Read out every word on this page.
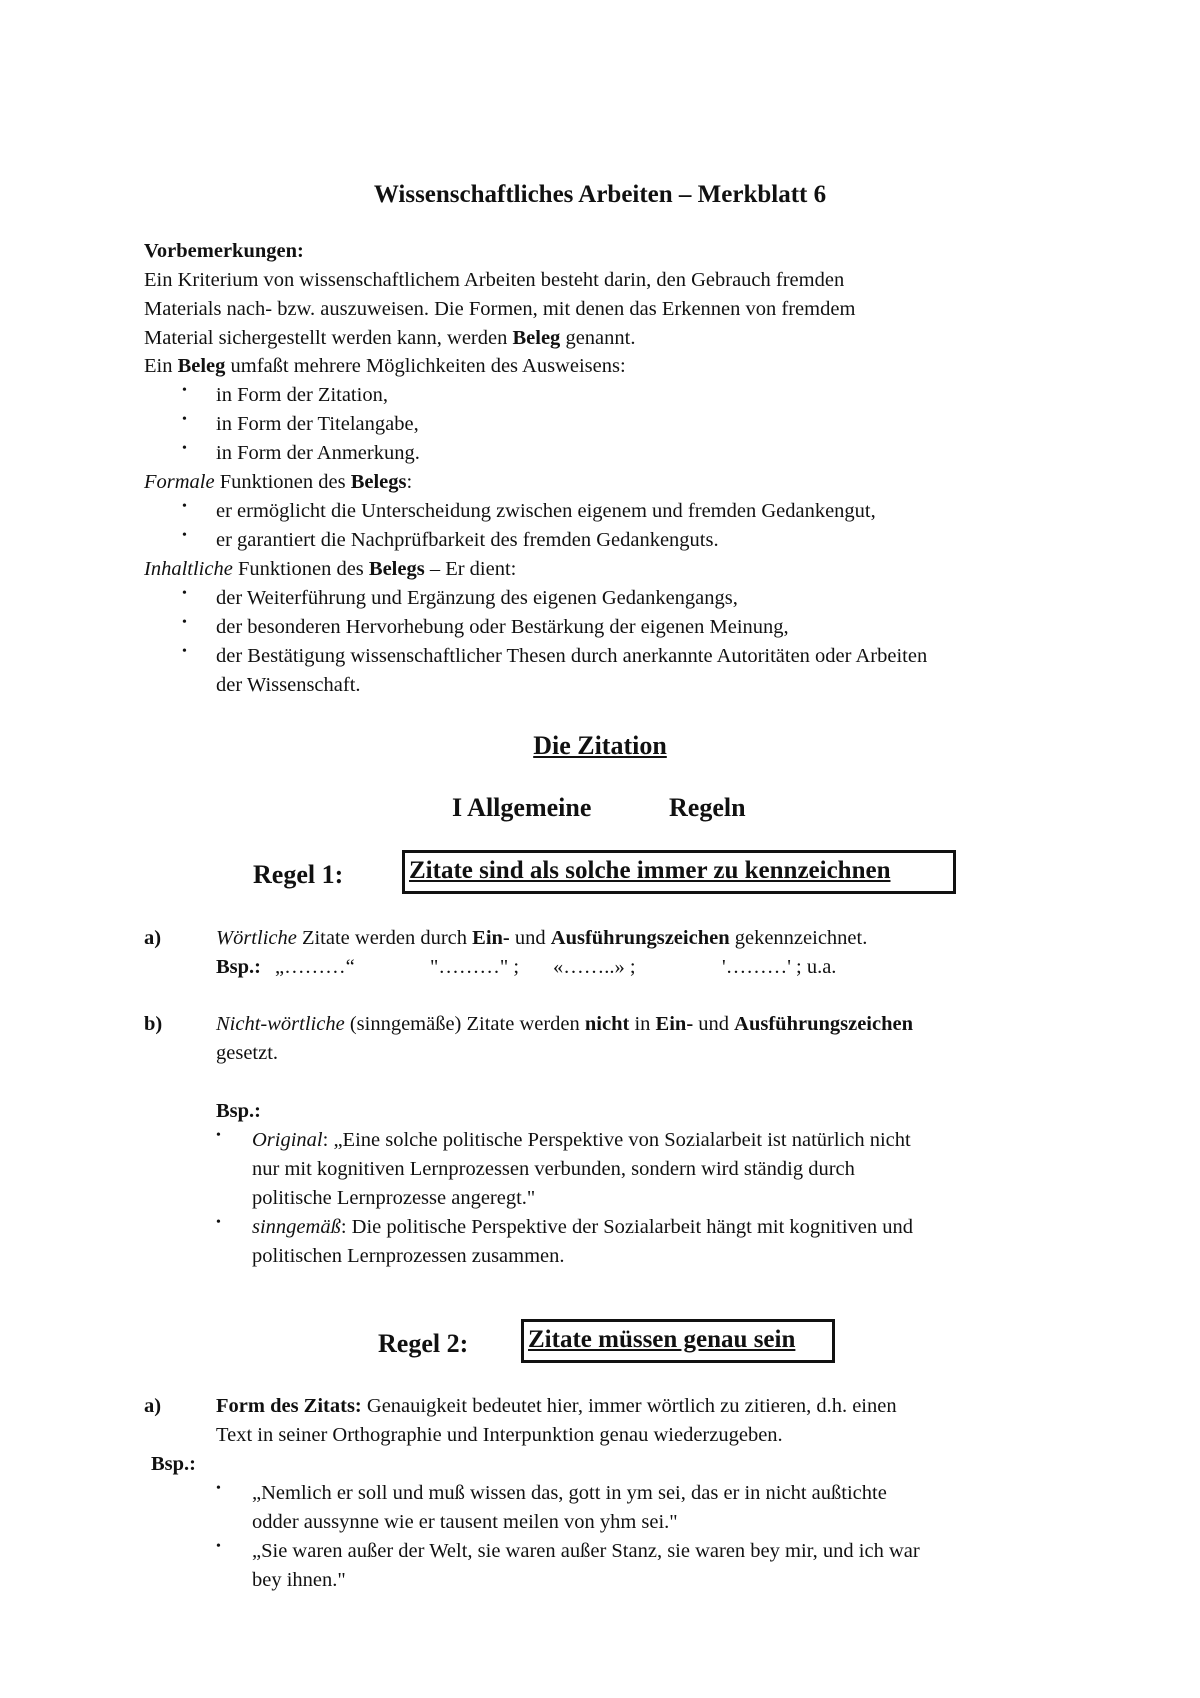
Wissenschaftliches Arbeiten – Merkblatt 6
Vorbemerkungen:
Ein Kriterium von wissenschaftlichem Arbeiten besteht darin, den Gebrauch fremden
Materials nach- bzw. auszuweisen. Die Formen, mit denen das Erkennen von fremdem
Material sichergestellt werden kann, werden Beleg genannt.
Ein Beleg umfaßt mehrere Möglichkeiten des Ausweisens:
• in Form der Zitation,
• in Form der Titelangabe,
• in Form der Anmerkung.
Formale Funktionen des Belegs:
• er ermöglicht die Unterscheidung zwischen eigenem und fremden Gedankengut,
• er garantiert die Nachprüfbarkeit des fremden Gedankenguts.
Inhaltliche Funktionen des Belegs – Er dient:
• der Weiterführung und Ergänzung des eigenen Gedankengangs,
• der besonderen Hervorhebung oder Bestärkung der eigenen Meinung,
• der Bestätigung wissenschaftlicher Thesen durch anerkannte Autoritäten oder Arbeiten
der Wissenschaft.
Die Zitation
I Allgemeine	Regeln
Regel 1:	Zitate sind als solche immer zu kennzeichnen
a)	Wörtliche Zitate werden durch Ein- und Ausführungszeichen gekennzeichnet.
Bsp.: „………“	"………" ; «……..» ;	'………' ; u.a.
b)	Nicht-wörtliche (sinngemäße) Zitate werden nicht in Ein- und Ausführungszeichen
gesetzt.
Bsp.:
• Original: „Eine solche politische Perspektive von Sozialarbeit ist natürlich nicht
nur mit kognitiven Lernprozessen verbunden, sondern wird ständig durch
politische Lernprozesse angeregt."
• sinngemäß: Die politische Perspektive der Sozialarbeit hängt mit kognitiven und
politischen Lernprozessen zusammen.
Regel 2: Zitate müssen genau sein
a)	Form des Zitats: Genauigkeit bedeutet hier, immer wörtlich zu zitieren, d.h. einen
Text in seiner Orthographie und Interpunktion genau wiederzugeben.
Bsp.:
• „Nemlich er soll und muß wissen das, gott in ym sei, das er in nicht außtichte
odder aussynne wie er tausent meilen von yhm sei."
• „Sie waren außer der Welt, sie waren außer Stanz, sie waren bey mir, und ich war
bey ihnen."
